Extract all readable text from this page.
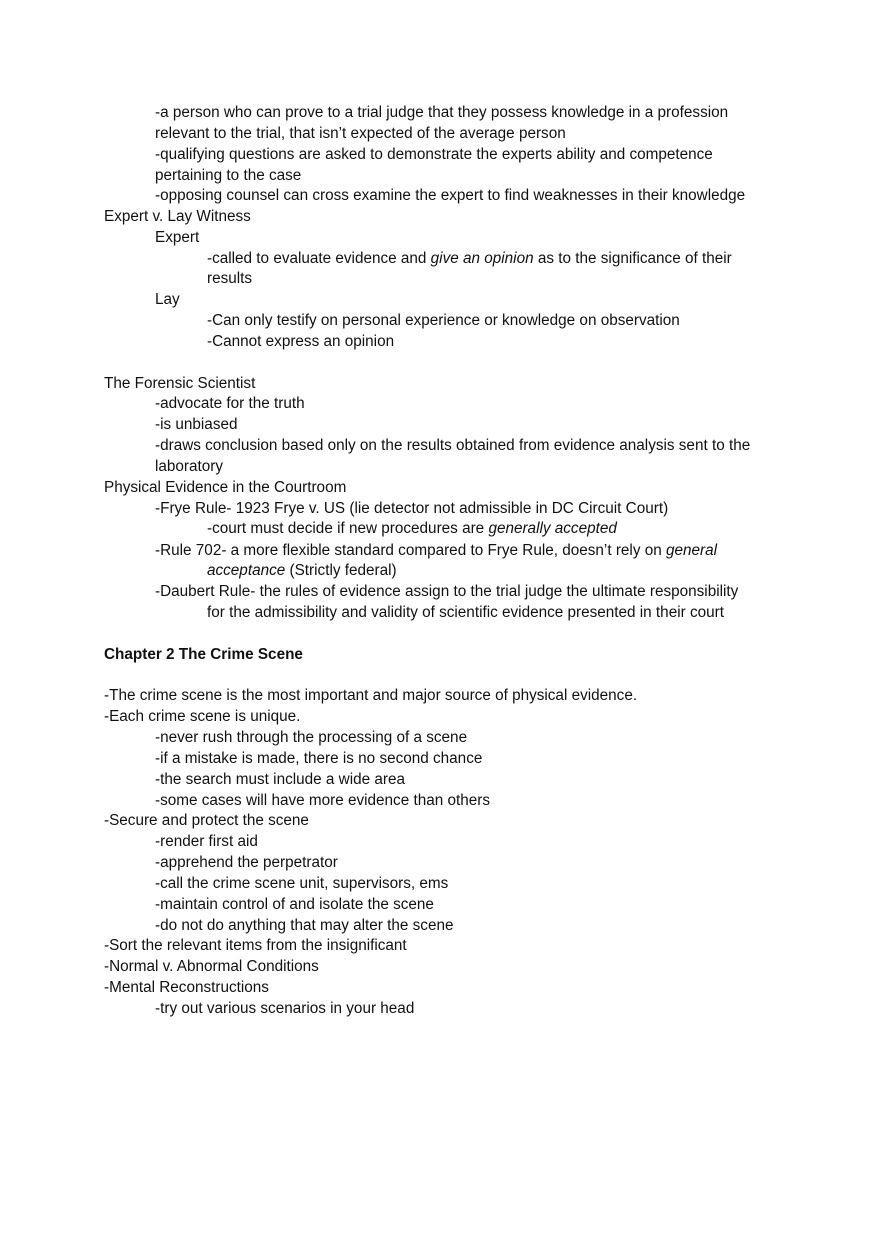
-a person who can prove to a trial judge that they possess knowledge in a profession
relevant to the trial, that isn’t expected of the average person
-qualifying questions are asked to demonstrate the experts ability and competence
pertaining to the case
-opposing counsel can cross examine the expert to find weaknesses in their knowledge
Expert v. Lay Witness
Expert
-called to evaluate evidence and give an opinion as to the significance of their
results
Lay
-Can only testify on personal experience or knowledge on observation
-Cannot express an opinion
The Forensic Scientist
-advocate for the truth
-is unbiased
-draws conclusion based only on the results obtained from evidence analysis sent to the
laboratory
Physical Evidence in the Courtroom
-Frye Rule- 1923 Frye v. US (lie detector not admissible in DC Circuit Court)
-court must decide if new procedures are generally accepted
-Rule 702- a more flexible standard compared to Frye Rule, doesn’t rely on general
acceptance (Strictly federal)
-Daubert Rule- the rules of evidence assign to the trial judge the ultimate responsibility
for the admissibility and validity of scientific evidence presented in their court
Chapter 2 The Crime Scene
-The crime scene is the most important and major source of physical evidence.
-Each crime scene is unique.
-never rush through the processing of a scene
-if a mistake is made, there is no second chance
-the search must include a wide area
-some cases will have more evidence than others
-Secure and protect the scene
-render first aid
-apprehend the perpetrator
-call the crime scene unit, supervisors, ems
-maintain control of and isolate the scene
-do not do anything that may alter the scene
-Sort the relevant items from the insignificant
-Normal v. Abnormal Conditions
-Mental Reconstructions
-try out various scenarios in your head
